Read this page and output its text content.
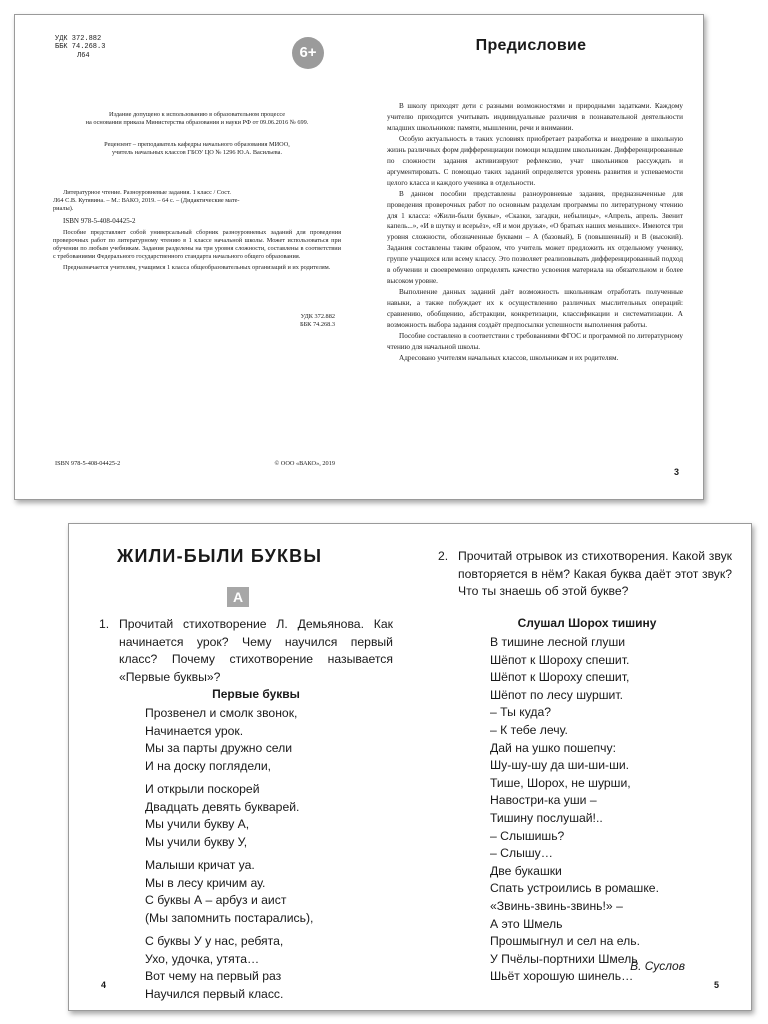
УДК 372.882
ББК 74.268.3
Л64	6+
Издание допущено к использованию в образовательном процессе
на основании приказа Министерства образования и науки РФ от 09.06.2016 № 699.
Рецензент – преподаватель кафедры начального образования МИОО,
учитель начальных классов ГБОУ ЦО № 1296 Ю.А. Васильева.
Литературное чтение. Разноуровневые задания. 1 класс / Сост.
Л64 С.В. Кутявина. – М.: ВАКО, 2019. – 64 с. – (Дидактические мате-
риалы).
ISBN 978-5-408-04425-2
Пособие представляет собой универсальный сборник разноуровневых заданий для проведения проверочных работ по литературному чтению в 1 классе начальной школы. Может использоваться при обучении по любым учебникам. Задания разделены на три уровня сложности, составлены в соответствии с требованиями Федерального государственного стандарта начального общего образования.
Предназначается учителям, учащимся 1 класса общеобразовательных организаций и их родителям.
УДК 372.882
ББК 74.268.3
ISBN 978-5-408-04425-2	© ООО «ВАКО», 2019
Предисловие

В школу приходят дети с разными возможностями и природными задатками. Каждому учителю приходится учитывать индивидуальные различия в познавательной деятельности младших школьников: памяти, мышлении, речи и внимании.

Особую актуальность в таких условиях приобретает разработка и внедрение в школьную жизнь различных форм дифференциации помощи младшим школьникам. Дифференцированные по сложности задания активизируют рефлексию, учат школьников рассуждать и аргументировать. С помощью таких заданий определяется уровень развития и успеваемости целого класса и каждого ученика в отдельности.

В данном пособии представлены разноуровневые задания, предназначенные для проведения проверочных работ по основным разделам программы по литературному чтению для 1 класса: «Жили-были буквы», «Сказки, загадки, небылицы», «Апрель, апрель. Звенит капель...», «И в шутку и всерьёз», «Я и мои друзья», «О братьях наших меньших». Имеются три уровня сложности, обозначенные буквами – А (базовый), Б (повышенный) и В (высокий). Задания составлены таким образом, что учитель может предложить их отдельному ученику, группе учащихся или всему классу. Это позволяет реализовывать дифференцированный подход в обучении и своевременно определять качество усвоения материала на обязательном и более высоком уровне.

Выполнение данных заданий даёт возможность школьникам отработать полученные навыки, а также побуждает их к осуществлению различных мыслительных операций: сравнению, обобщению, абстракции, конкретизации, классификации и систематизации. А возможность выбора задания создаёт предпосылки успешности выполнения работы.

Пособие составлено в соответствии с требованиями ФГОС и программой по литературному чтению для начальной школы.

Адресовано учителям начальных классов, школьникам и их родителям.

3
ЖИЛИ-БЫЛИ БУКВЫ
А
1. Прочитай стихотворение Л. Демьянова. Как начинается урок? Чему научился первый класс? Почему стихотворение называется «Первые буквы»?
Первые буквы
Прозвенел и смолк звонок,
Начинается урок.
Мы за парты дружно сели
И на доску поглядели,
И открыли поскорей
Двадцать девять букварей.
Мы учили букву А,
Мы учили букву У,
Малыши кричат уа.
Мы в лесу кричим ау.
С буквы А – арбуз и аист
(Мы запомнить постарались),
С буквы У у нас, ребята,
Ухо, удочка, утята…
Вот чему на первый раз
Научился первый класс.
4
2. Прочитай отрывок из стихотворения. Какой звук повторяется в нём? Какая буква даёт этот звук? Что ты знаешь об этой букве?
Слушал Шорох тишину
В тишине лесной глуши
Шёпот к Шороху спешит.
Шёпот к Шороху спешит,
Шёпот по лесу шуршит.
– Ты куда?
– К тебе лечу.
Дай на ушко пошепчу:
Шу-шу-шу да ши-ши-ши.
Тише, Шорох, не шурши,
Навостри-ка уши –
Тишину послушай!..
– Слышишь?
– Слышу…
Две букашки
Спать устроились в ромашке.
«Звинь-звинь-звинь!» –
А это Шмель
Прошмыгнул и сел на ель.
У Пчёлы-портнихи Шмель
Шьёт хорошую шинель…
В. Суслов
5
